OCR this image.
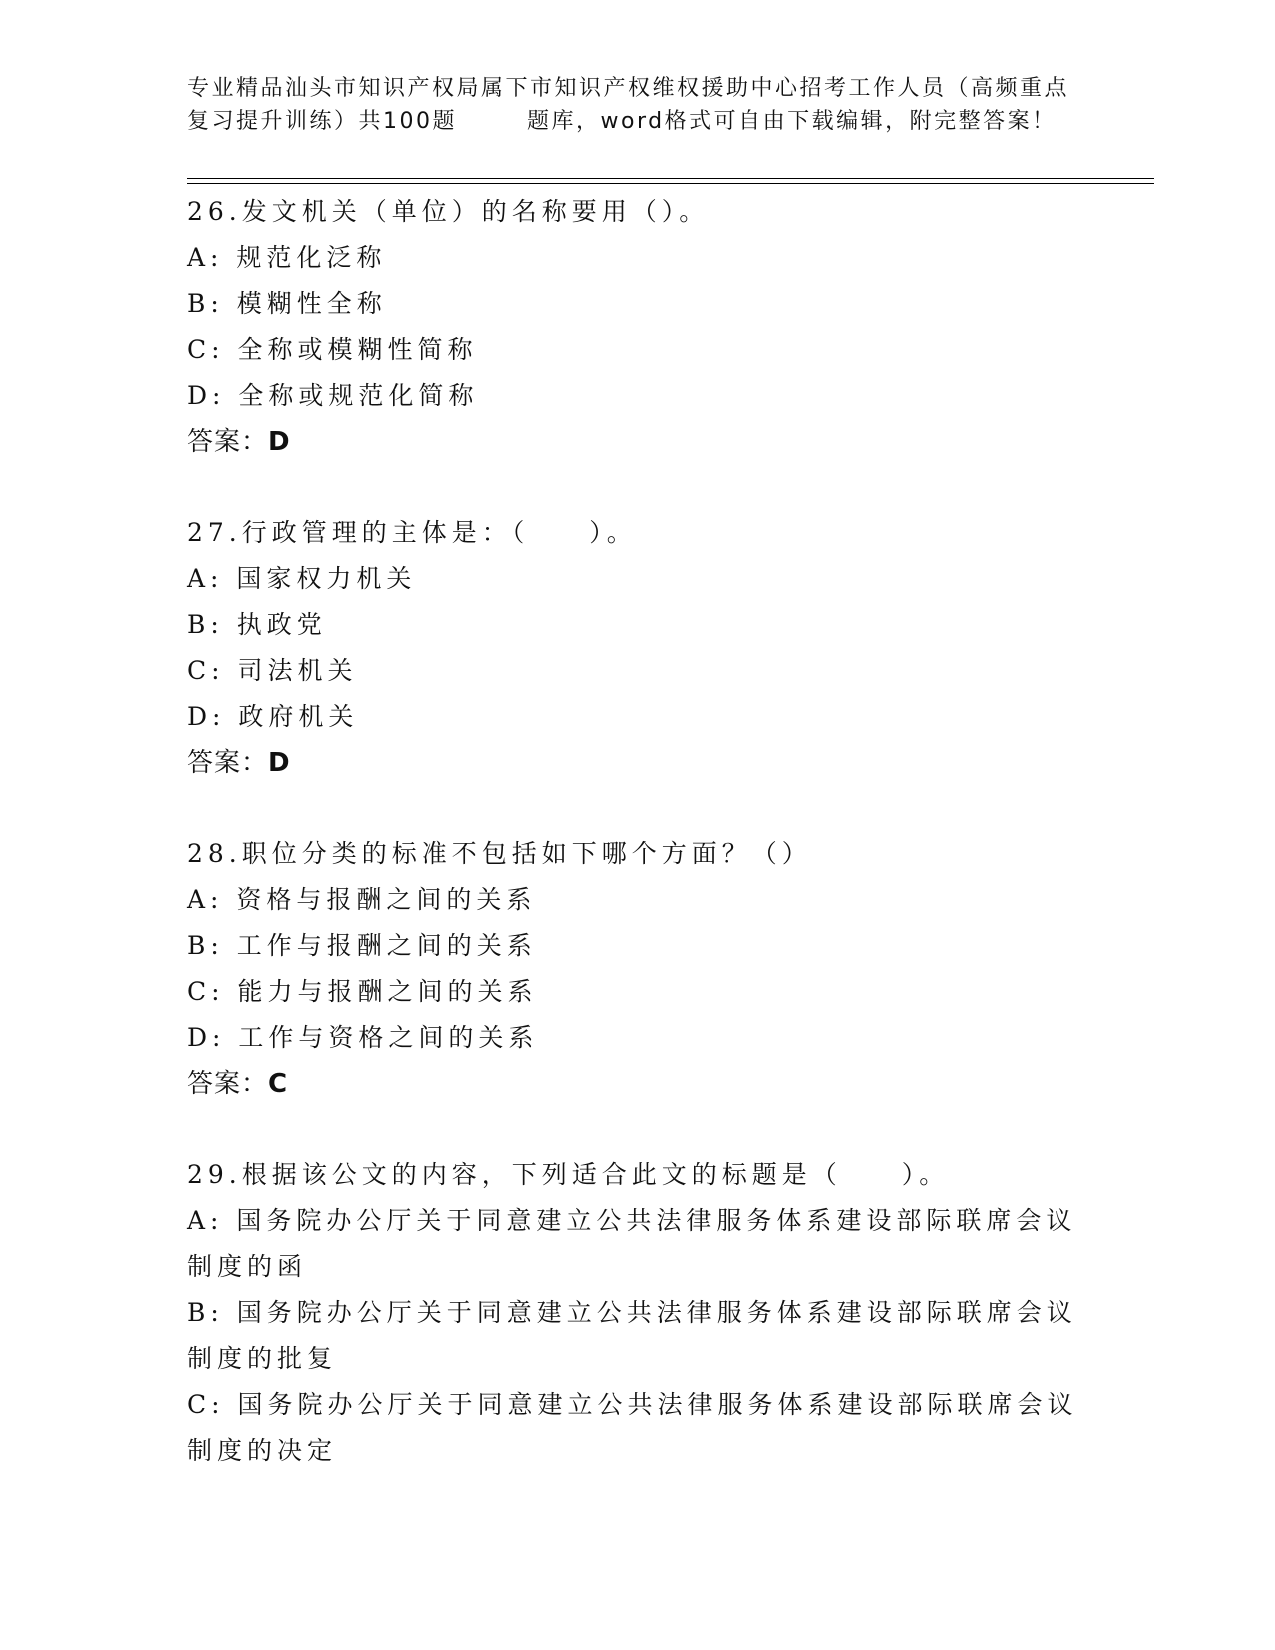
专业精品汕头市知识产权局属下市知识产权维权援助中心招考工作人员（高频重点
复习提升训练）共100题	题库，word格式可自由下载编辑，附完整答案！

26.发文机关（单位）的名称要用（）。

A: 规范化泛称

B: 模糊性全称

C: 全称或模糊性简称

D: 全称或规范化简称

答案：D

27.行政管理的主体是：（　　）。

A: 国家权力机关

B: 执政党

C: 司法机关

D: 政府机关

答案：D

28.职位分类的标准不包括如下哪个方面？（）

A: 资格与报酬之间的关系

B: 工作与报酬之间的关系

C: 能力与报酬之间的关系

D: 工作与资格之间的关系

答案：C

29.根据该公文的内容，下列适合此文的标题是（　　）。

A: 国务院办公厅关于同意建立公共法律服务体系建设部际联席会议制度的函

B: 国务院办公厅关于同意建立公共法律服务体系建设部际联席会议制度的批复

C: 国务院办公厅关于同意建立公共法律服务体系建设部际联席会议制度的决定
